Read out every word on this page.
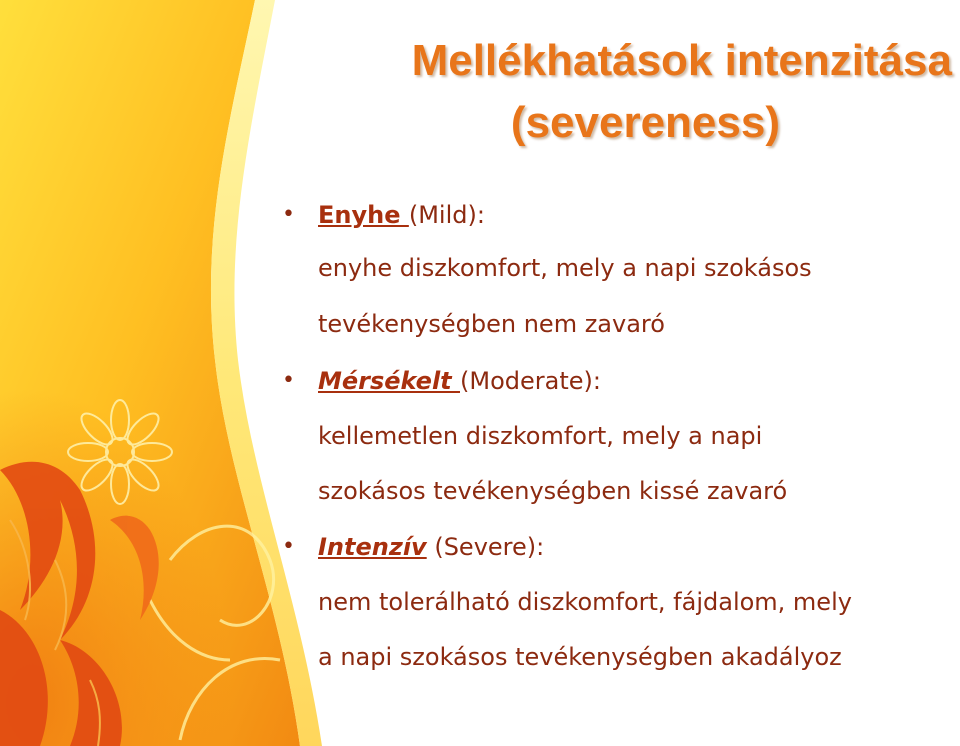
Mellékhatások intenzitása
(severeness)
• Enyhe (Mild):
enyhe diszkomfort, mely a napi szokásos
tevékenységben nem zavaró
• Mérsékelt (Moderate):
kellemetlen diszkomfort, mely a napi
szokásos tevékenységben kissé zavaró
• Intenzív (Severe):
nem tolerálható diszkomfort, fájdalom, mely
a napi szokásos tevékenységben akadályoz
